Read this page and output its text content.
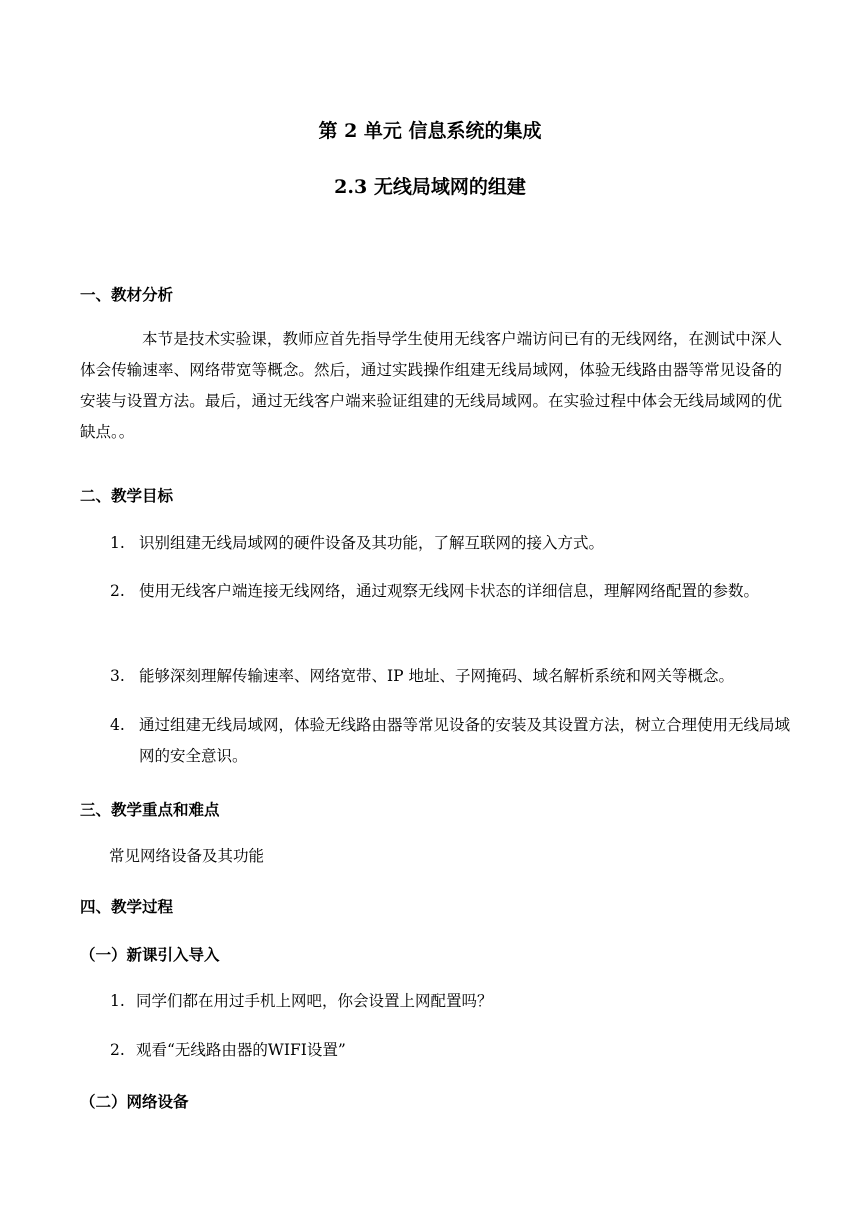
第 2 单元 信息系统的集成
2.3 无线局域网的组建
一、教材分析
本节是技术实验课，教师应首先指导学生使用无线客户端访问已有的无线网络，在测试中深人体会传输速率、网络带宽等概念。然后，通过实践操作组建无线局域网，体验无线路由器等常见设备的安装与设置方法。最后，通过无线客户端来验证组建的无线局域网。在实验过程中体会无线局域网的优缺点。。
二、教学目标
1. 识别组建无线局域网的硬件设备及其功能，了解互联网的接入方式。
2. 使用无线客户端连接无线网络，通过观察无线网卡状态的详细信息，理解网络配置的参数。
3. 能够深刻理解传输速率、网络宽带、IP 地址、子网掩码、域名解析系统和网关等概念。
4. 通过组建无线局域网，体验无线路由器等常见设备的安装及其设置方法，树立合理使用无线局域网的安全意识。
三、教学重点和难点
常见网络设备及其功能
四、教学过程
（一）新课引入导入
1. 同学们都在用过手机上网吧，你会设置上网配置吗？
2. 观看“无线路由器的WIFI设置”
（二）网络设备
